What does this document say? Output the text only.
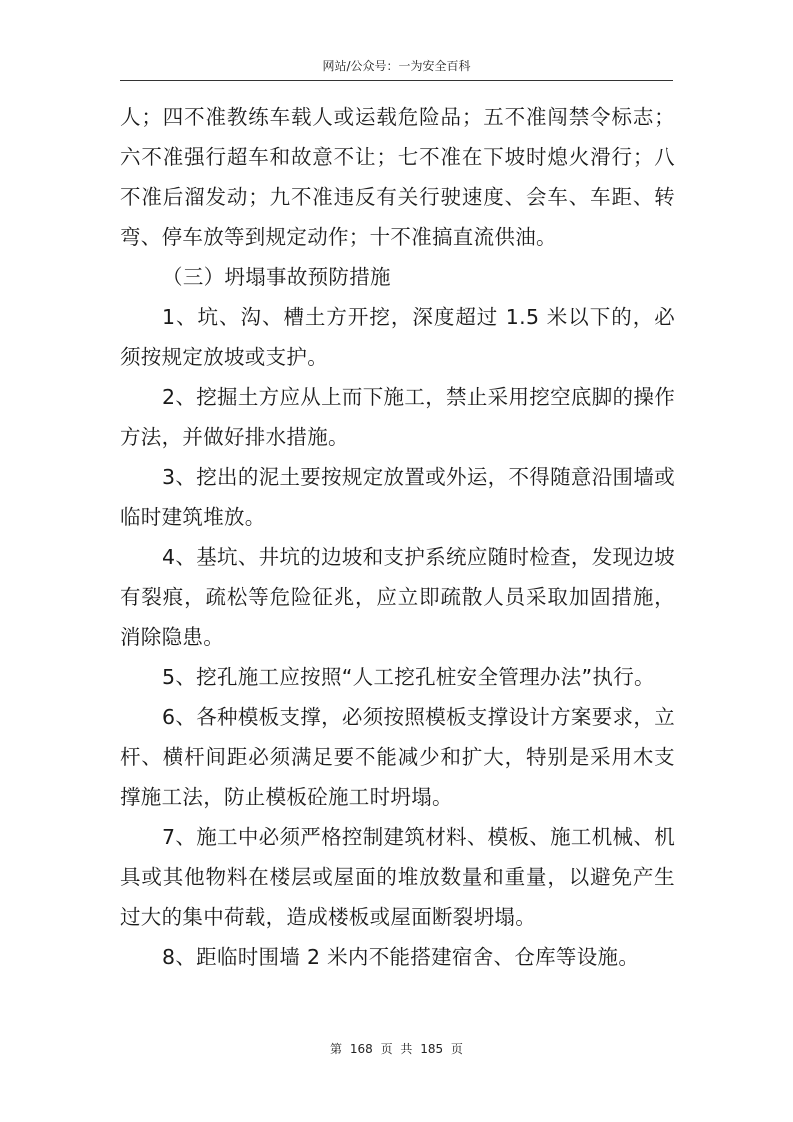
网站/公众号：一为安全百科

人；四不准教练车载人或运载危险品；五不准闯禁令标志；六不准强行超车和故意不让；七不准在下坡时熄火滑行；八不准后溜发动；九不准违反有关行驶速度、会车、车距、转弯、停车放等到规定动作；十不准搞直流供油。

（三）坍塌事故预防措施

1、坑、沟、槽土方开挖，深度超过 1.5 米以下的，必须按规定放坡或支护。

2、挖掘土方应从上而下施工，禁止采用挖空底脚的操作方法，并做好排水措施。

3、挖出的泥土要按规定放置或外运，不得随意沿围墙或临时建筑堆放。

4、基坑、井坑的边坡和支护系统应随时检查，发现边坡有裂痕，疏松等危险征兆，应立即疏散人员采取加固措施，消除隐患。

5、挖孔施工应按照“人工挖孔桩安全管理办法”执行。

6、各种模板支撑，必须按照模板支撑设计方案要求，立杆、横杆间距必须满足要不能减少和扩大，特别是采用木支撑施工法，防止模板砼施工时坍塌。

7、施工中必须严格控制建筑材料、模板、施工机械、机具或其他物料在楼层或屋面的堆放数量和重量，以避免产生过大的集中荷载，造成楼板或屋面断裂坍塌。

8、距临时围墙 2 米内不能搭建宿舍、仓库等设施。

第 168 页 共 185 页
